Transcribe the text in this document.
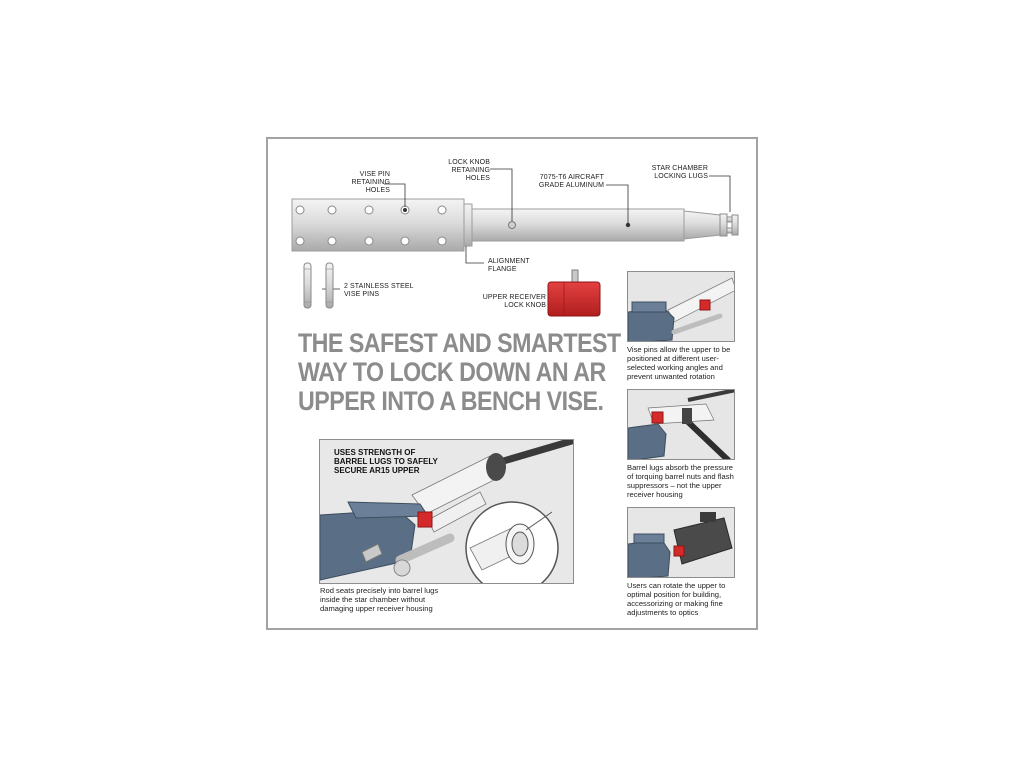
VISE PIN
RETAINING HOLES
LOCK KNOB
RETAINING HOLES	7075-T6 AIRCRAFT
GRADE ALUMINUM
STAR CHAMBER
LOCKING LUGS
ALIGNMENT
FLANGE
2 STAINLESS STEEL
VISE PINS	UPPER RECEIVER
LOCK KNOB
THE SAFEST AND SMARTEST
WAY TO LOCK DOWN AN AR
UPPER INTO A BENCH VISE.
USES STRENGTH OF
BARREL LUGS TO SAFELY
SECURE AR15 UPPER
Rod seats precisely into barrel lugs
inside the star chamber without
damaging upper receiver housing
Vise pins allow the upper to be
positioned at different user-
selected working angles and
prevent unwanted rotation
Barrel lugs absorb the pressure
of torquing barrel nuts and flash
suppressors – not the upper
receiver housing
Users can rotate the upper to
optimal position for building,
accessorizing or making fine
adjustments to optics
